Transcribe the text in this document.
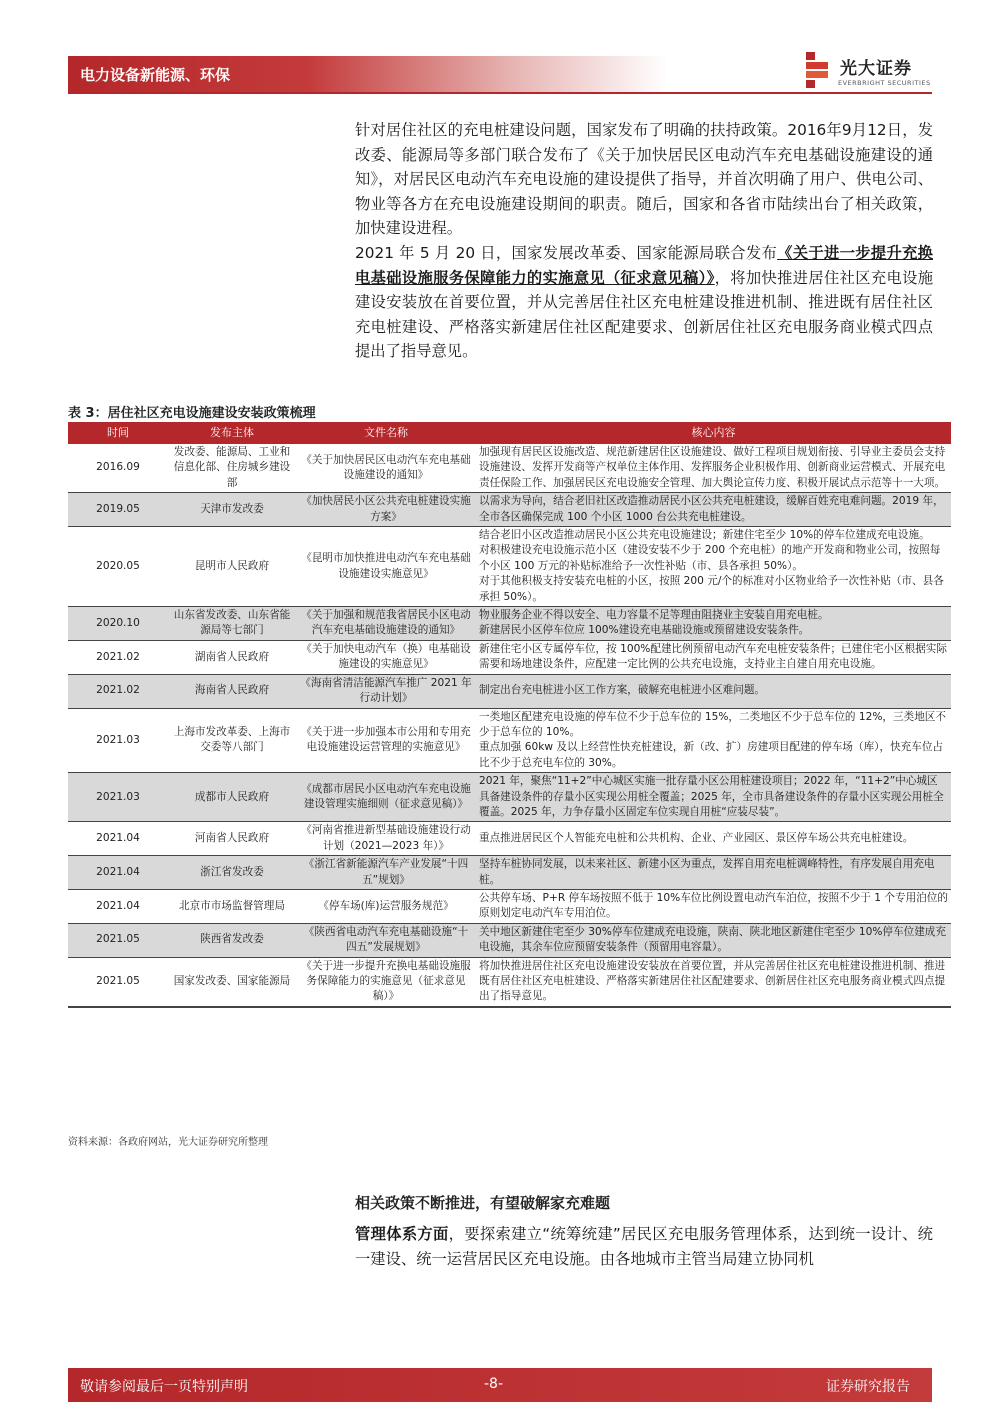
电力设备新能源、环保	光大证券
EVERBRIGHT SECURITIES

针对居住社区的充电桩建设问题，国家发布了明确的扶持政策。2016年9月12日，发改委、能源局等多部门联合发布了《关于加快居民区电动汽车充电基础设施建设的通知》，对居民区电动汽车充电设施的建设提供了指导，并首次明确了用户、供电公司、物业等各方在充电设施建设期间的职责。随后，国家和各省市陆续出台了相关政策，加快建设进程。

2021 年 5 月 20 日，国家发展改革委、国家能源局联合发布《关于进一步提升充换电基础设施服务保障能力的实施意见（征求意见稿）》，将加快推进居住社区充电设施建设安装放在首要位置，并从完善居住社区充电桩建设推进机制、推进既有居住社区充电桩建设、严格落实新建居住社区配建要求、创新居住社区充电服务商业模式四点提出了指导意见。

表 3：居住社区充电设施建设安装政策梳理
时间	发布主体	文件名称	核心内容
2016.09	发改委、能源局、工业和信息化部、住房城乡建设部	《关于加快居民区电动汽车充电基础设施建设的通知》	加强现有居民区设施改造、规范新建居住区设施建设、做好工程项目规划衔接、引导业主委员会支持设施建设、发挥开发商等产权单位主体作用、发挥服务企业积极作用、创新商业运营模式、开展充电责任保险工作、加强居民区充电设施安全管理、加大舆论宣传力度、积极开展试点示范等十一大项。
2019.05	天津市发改委	《加快居民小区公共充电桩建设实施方案》	以需求为导向，结合老旧社区改造推动居民小区公共充电桩建设，缓解百姓充电难问题。2019 年，全市各区确保完成 100 个小区 1000 台公共充电桩建设。
2020.05	昆明市人民政府	《昆明市加快推进电动汽车充电基础设施建设实施意见》	结合老旧小区改造推动居民小区公共充电设施建设；新建住宅至少 10%的停车位建成充电设施。
对积极建设充电设施示范小区（建设安装不少于 200 个充电桩）的地产开发商和物业公司，按照每个小区 100 万元的补贴标准给予一次性补贴（市、县各承担 50%）。
对于其他积极支持安装充电桩的小区，按照 200 元/个的标准对小区物业给予一次性补贴（市、县各承担 50%）。
2020.10	山东省发改委、山东省能源局等七部门	《关于加强和规范我省居民小区电动汽车充电基础设施建设的通知》	物业服务企业不得以安全、电力容量不足等理由阻挠业主安装自用充电桩。
新建居民小区停车位应 100%建设充电基础设施或预留建设安装条件。
2021.02	湖南省人民政府	《关于加快电动汽车（换）电基础设施建设的实施意见》	新建住宅小区专属停车位，按 100%配建比例预留电动汽车充电桩安装条件；已建住宅小区根据实际需要和场地建设条件，应配建一定比例的公共充电设施，支持业主自建自用充电设施。
2021.02	海南省人民政府	《海南省清洁能源汽车推广 2021 年行动计划》	制定出台充电桩进小区工作方案，破解充电桩进小区难问题。
2021.03	上海市发改革委、上海市交委等八部门	《关于进一步加强本市公用和专用充电设施建设运营管理的实施意见》	一类地区配建充电设施的停车位不少于总车位的 15%，二类地区不少于总车位的 12%，三类地区不少于总车位的 10%。
重点加强 60kw 及以上经营性快充桩建设，新（改、扩）房建项目配建的停车场（库），快充车位占比不少于总充电车位的 30%。
2021.03	成都市人民政府	《成都市居民小区电动汽车充电设施建设管理实施细则（征求意见稿）》	2021 年，聚焦“11+2”中心城区实施一批存量小区公用桩建设项目；2022 年，“11+2”中心城区具备建设条件的存量小区实现公用桩全覆盖；2025 年，全市具备建设条件的存量小区实现公用桩全覆盖。2025 年，力争存量小区固定车位实现自用桩“应装尽装”。
2021.04	河南省人民政府	《河南省推进新型基础设施建设行动计划（2021—2023 年）》	重点推进居民区个人智能充电桩和公共机构、企业、产业园区、景区停车场公共充电桩建设。
2021.04	浙江省发改委	《浙江省新能源汽车产业发展“十四五”规划》	坚持车桩协同发展，以未来社区、新建小区为重点，发挥自用充电桩调峰特性，有序发展自用充电桩。
2021.04	北京市市场监督管理局	《停车场(库)运营服务规范》	公共停车场、P+R 停车场按照不低于 10%车位比例设置电动汽车泊位，按照不少于 1 个专用泊位的原则划定电动汽车专用泊位。
2021.05	陕西省发改委	《陕西省电动汽车充电基础设施“十四五”发展规划》	关中地区新建住宅至少 30%停车位建成充电设施，陕南、陕北地区新建住宅至少 10%停车位建成充电设施，其余车位应预留安装条件（预留用电容量）。
2021.05	国家发改委、国家能源局	《关于进一步提升充换电基础设施服务保障能力的实施意见（征求意见稿）》	将加快推进居住社区充电设施建设安装放在首要位置，并从完善居住社区充电桩建设推进机制、推进既有居住社区充电桩建设、严格落实新建居住社区配建要求、创新居住社区充电服务商业模式四点提出了指导意见。
资料来源：各政府网站，光大证券研究所整理
相关政策不断推进，有望破解家充难题

管理体系方面，要探索建立“统筹统建”居民区充电服务管理体系，达到统一设计、统一建设、统一运营居民区充电设施。由各地城市主管当局建立协同机

敬请参阅最后一页特别声明	-8-	证券研究报告
